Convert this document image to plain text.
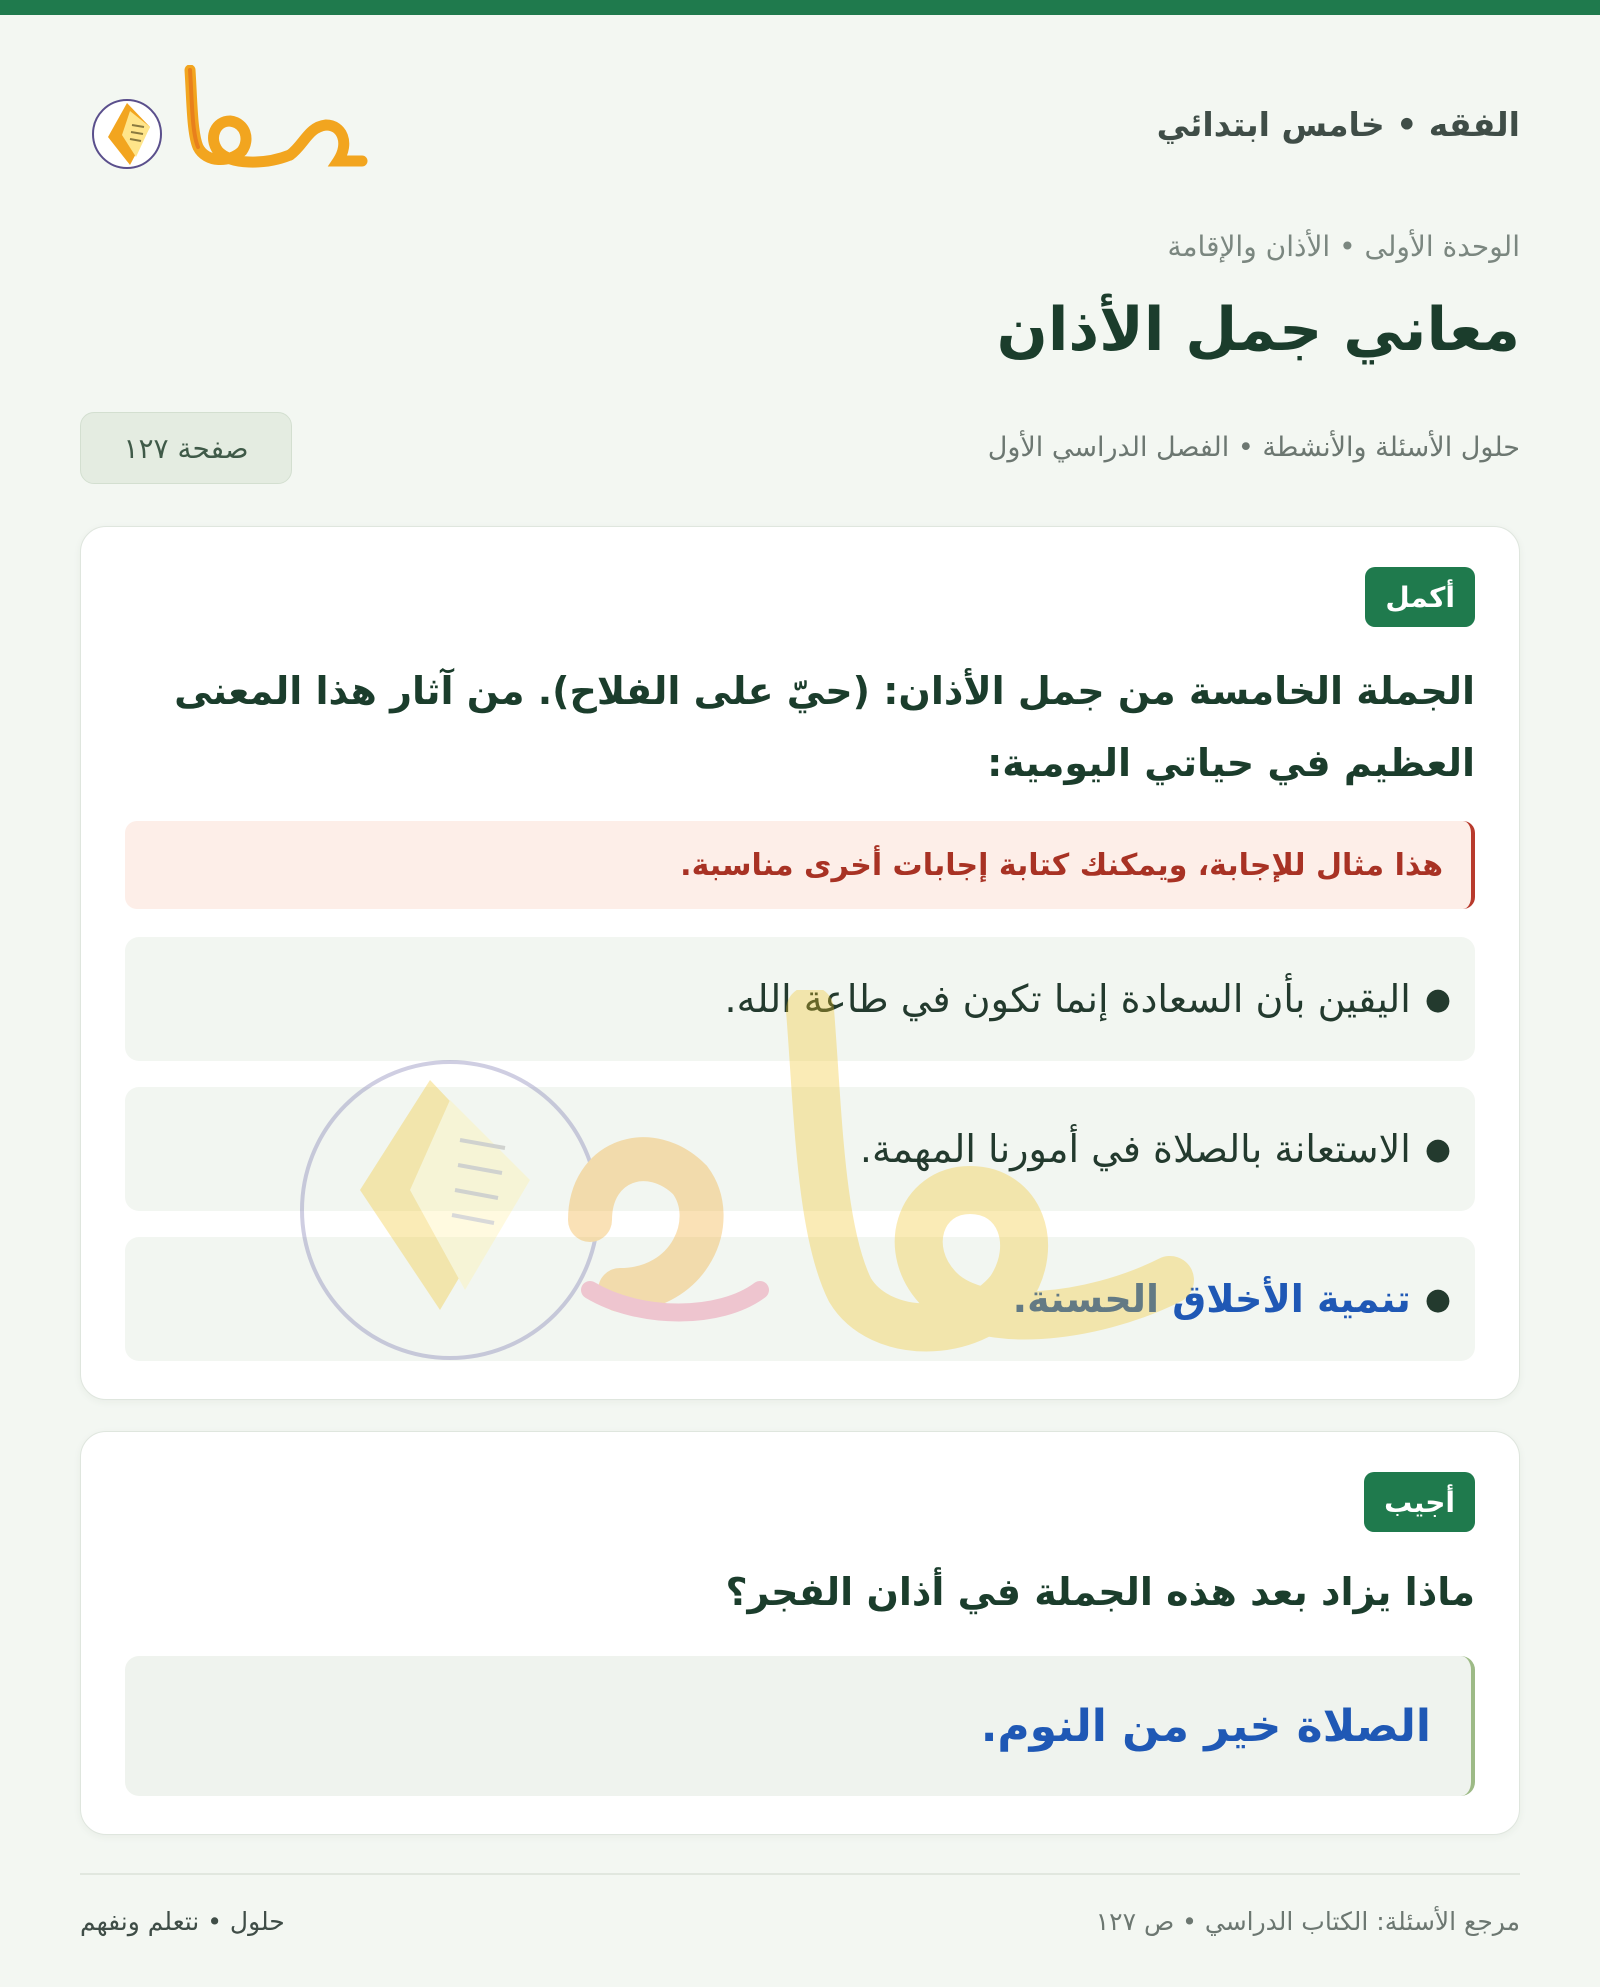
الفقه • خامس ابتدائي
الوحدة الأولى • الأذان والإقامة
معاني جمل الأذان
حلول الأسئلة والأنشطة • الفصل الدراسي الأول
صفحة ١٢٧
أكمل
الجملة الخامسة من جمل الأذان: (حيّ على الفلاح). من آثار هذا المعنى العظيم في حياتي اليومية:
هذا مثال للإجابة، ويمكنك كتابة إجابات أخرى مناسبة.
●
اليقين بأن السعادة إنما تكون في طاعة الله.
●
الاستعانة بالصلاة في أمورنا المهمة.
●
تنمية الأخلاق الحسنة.
أجيب
ماذا يزاد بعد هذه الجملة في أذان الفجر؟
الصلاة خير من النوم.
مرجع الأسئلة: الكتاب الدراسي • ص ١٢٧
حلول • نتعلم ونفهم
